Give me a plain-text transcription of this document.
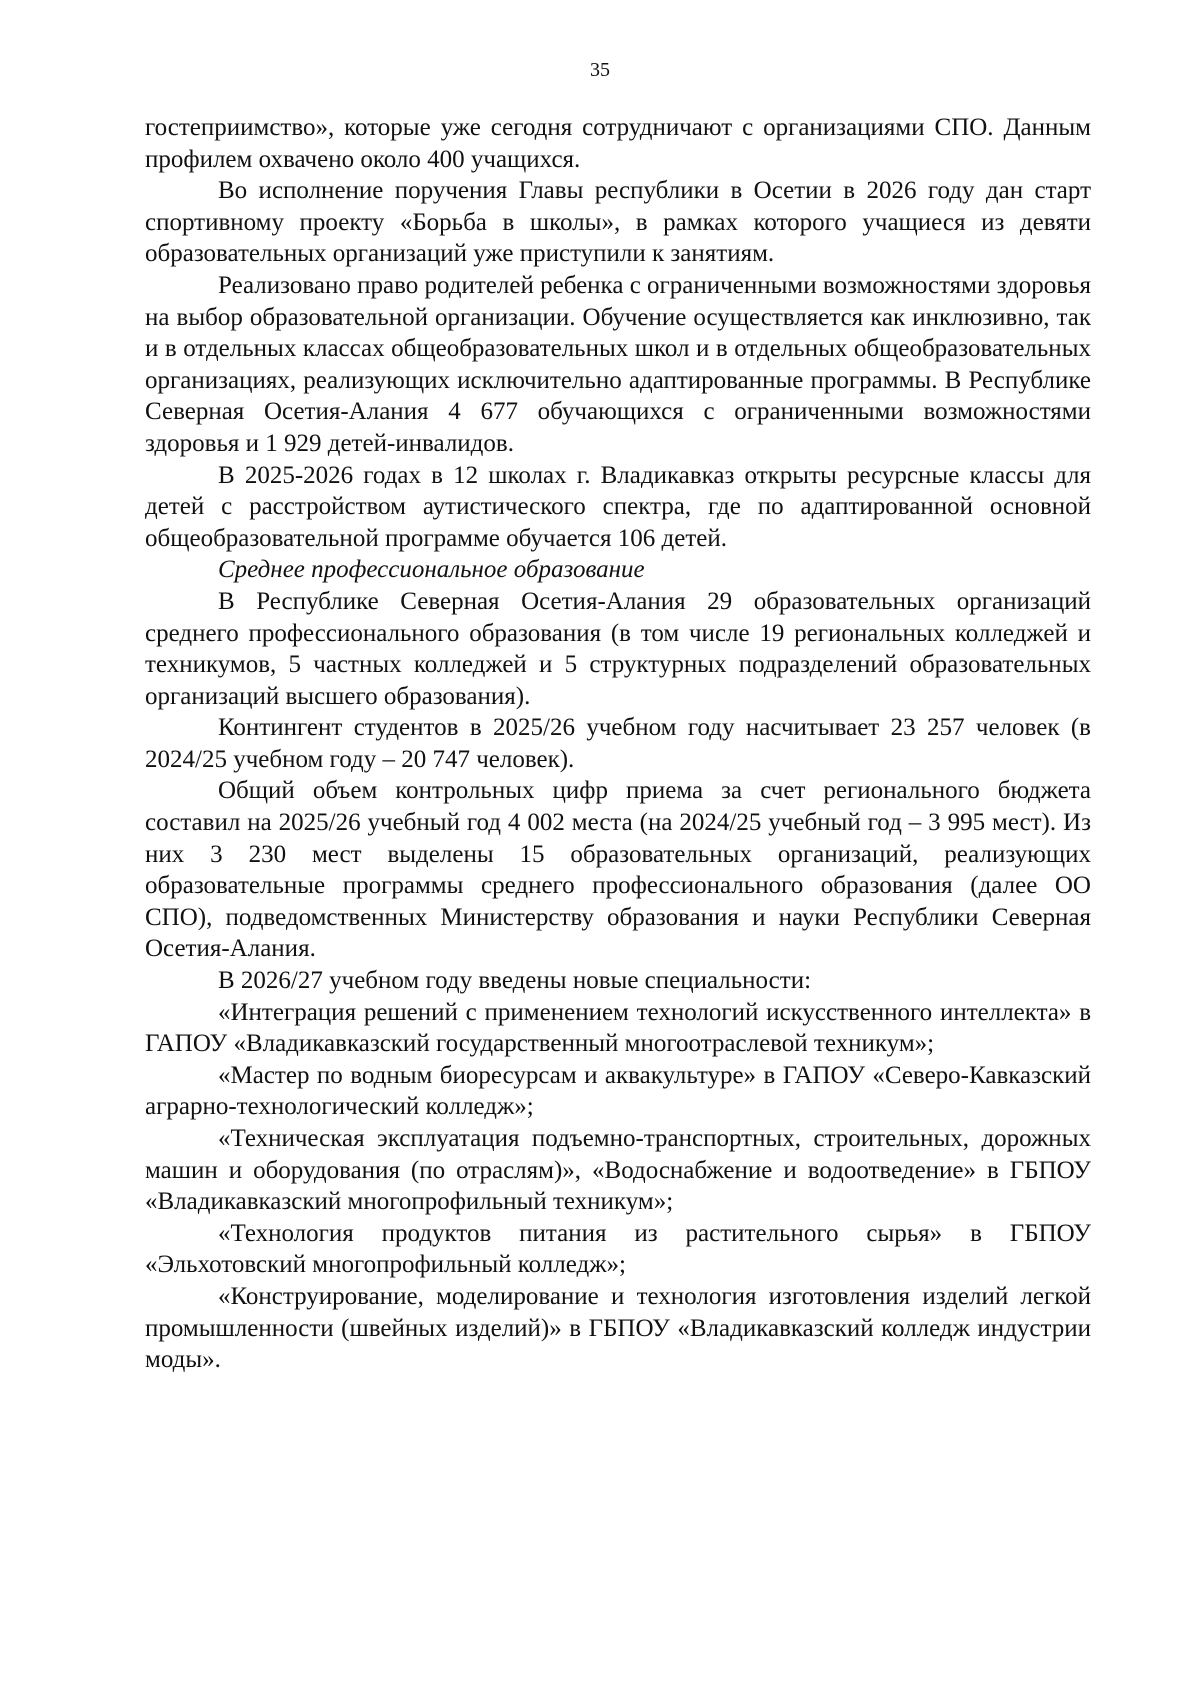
35

гостеприимство», которые уже сегодня сотрудничают с организациями СПО. Данным профилем охвачено около 400 учащихся.

Во исполнение поручения Главы республики в Осетии в 2026 году дан старт спортивному проекту «Борьба в школы», в рамках которого учащиеся из девяти образовательных организаций уже приступили к занятиям.

Реализовано право родителей ребенка с ограниченными возможностями здоровья на выбор образовательной организации. Обучение осуществляется как инклюзивно, так и в отдельных классах общеобразовательных школ и в отдельных общеобразовательных организациях, реализующих исключительно адаптированные программы. В Республике Северная Осетия-Алания 4 677 обучающихся с ограниченными возможностями здоровья и 1 929 детей-инвалидов.

В 2025-2026 годах в 12 школах г. Владикавказ открыты ресурсные классы для детей с расстройством аутистического спектра, где по адаптированной основной общеобразовательной программе обучается 106 детей.

Среднее профессиональное образование

В Республике Северная Осетия-Алания 29 образовательных организаций среднего профессионального образования (в том числе 19 региональных колледжей и техникумов, 5 частных колледжей и 5 структурных подразделений образовательных организаций высшего образования).

Контингент студентов в 2025/26 учебном году насчитывает 23 257 человек (в 2024/25 учебном году – 20 747 человек).

Общий объем контрольных цифр приема за счет регионального бюджета составил на 2025/26 учебный год 4 002 места (на 2024/25 учебный год – 3 995 мест). Из них 3 230 мест выделены 15 образовательных организаций, реализующих образовательные программы среднего профессионального образования (далее ОО СПО), подведомственных Министерству образования и науки Республики Северная Осетия-Алания.

В 2026/27 учебном году введены новые специальности:

«Интеграция решений с применением технологий искусственного интеллекта» в ГАПОУ «Владикавказский государственный многоотраслевой техникум»;

«Мастер по водным биоресурсам и аквакультуре» в ГАПОУ «Северо-Кавказский аграрно-технологический колледж»;

«Техническая эксплуатация подъемно-транспортных, строительных, дорожных машин и оборудования (по отраслям)», «Водоснабжение и водоотведение» в ГБПОУ «Владикавказский многопрофильный техникум»;

«Технология продуктов питания из растительного сырья» в ГБПОУ «Эльхотовский многопрофильный колледж»;

«Конструирование, моделирование и технология изготовления изделий легкой промышленности (швейных изделий)» в ГБПОУ «Владикавказский колледж индустрии моды».
